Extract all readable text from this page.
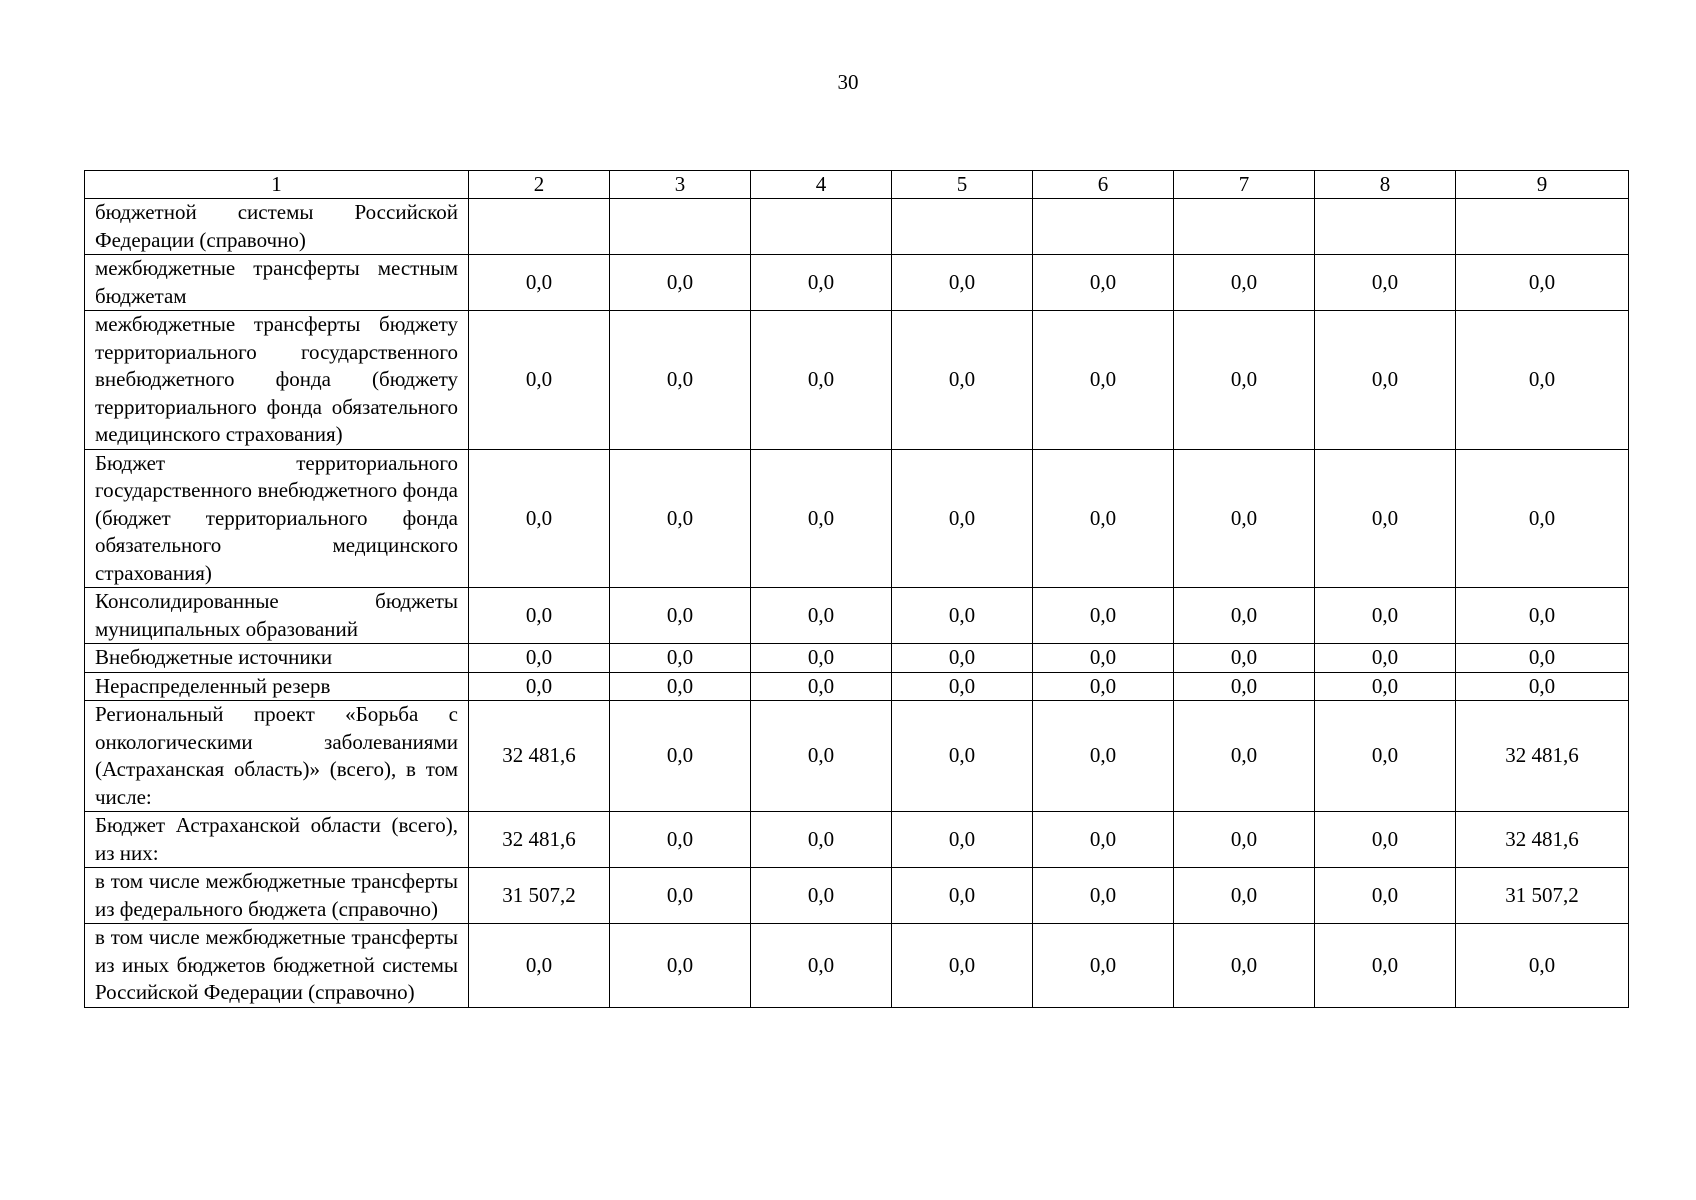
30
1	2	3	4	5	6	7	8	9
бюджетной системы Российской Федерации (справочно)								
межбюджетные трансферты местным бюджетам	0,0	0,0	0,0	0,0	0,0	0,0	0,0	0,0
межбюджетные трансферты бюджету территориального государственного внебюджетного фонда (бюджету территориального фонда обязательного медицинского страхования)	0,0	0,0	0,0	0,0	0,0	0,0	0,0	0,0
Бюджет территориального государственного внебюджетного фонда (бюджет территориального фонда обязательного медицинского страхования)	0,0	0,0	0,0	0,0	0,0	0,0	0,0	0,0
Консолидированные бюджеты муниципальных образований	0,0	0,0	0,0	0,0	0,0	0,0	0,0	0,0
Внебюджетные источники	0,0	0,0	0,0	0,0	0,0	0,0	0,0	0,0
Нераспределенный резерв	0,0	0,0	0,0	0,0	0,0	0,0	0,0	0,0
Региональный проект «Борьба с онкологическими заболеваниями (Астраханская область)» (всего), в том числе:	32 481,6	0,0	0,0	0,0	0,0	0,0	0,0	32 481,6
Бюджет Астраханской области (всего), из них:	32 481,6	0,0	0,0	0,0	0,0	0,0	0,0	32 481,6
в том числе межбюджетные трансферты из федерального бюджета (справочно)	31 507,2	0,0	0,0	0,0	0,0	0,0	0,0	31 507,2
в том числе межбюджетные трансферты из иных бюджетов бюджетной системы Российской Федерации (справочно)	0,0	0,0	0,0	0,0	0,0	0,0	0,0	0,0
